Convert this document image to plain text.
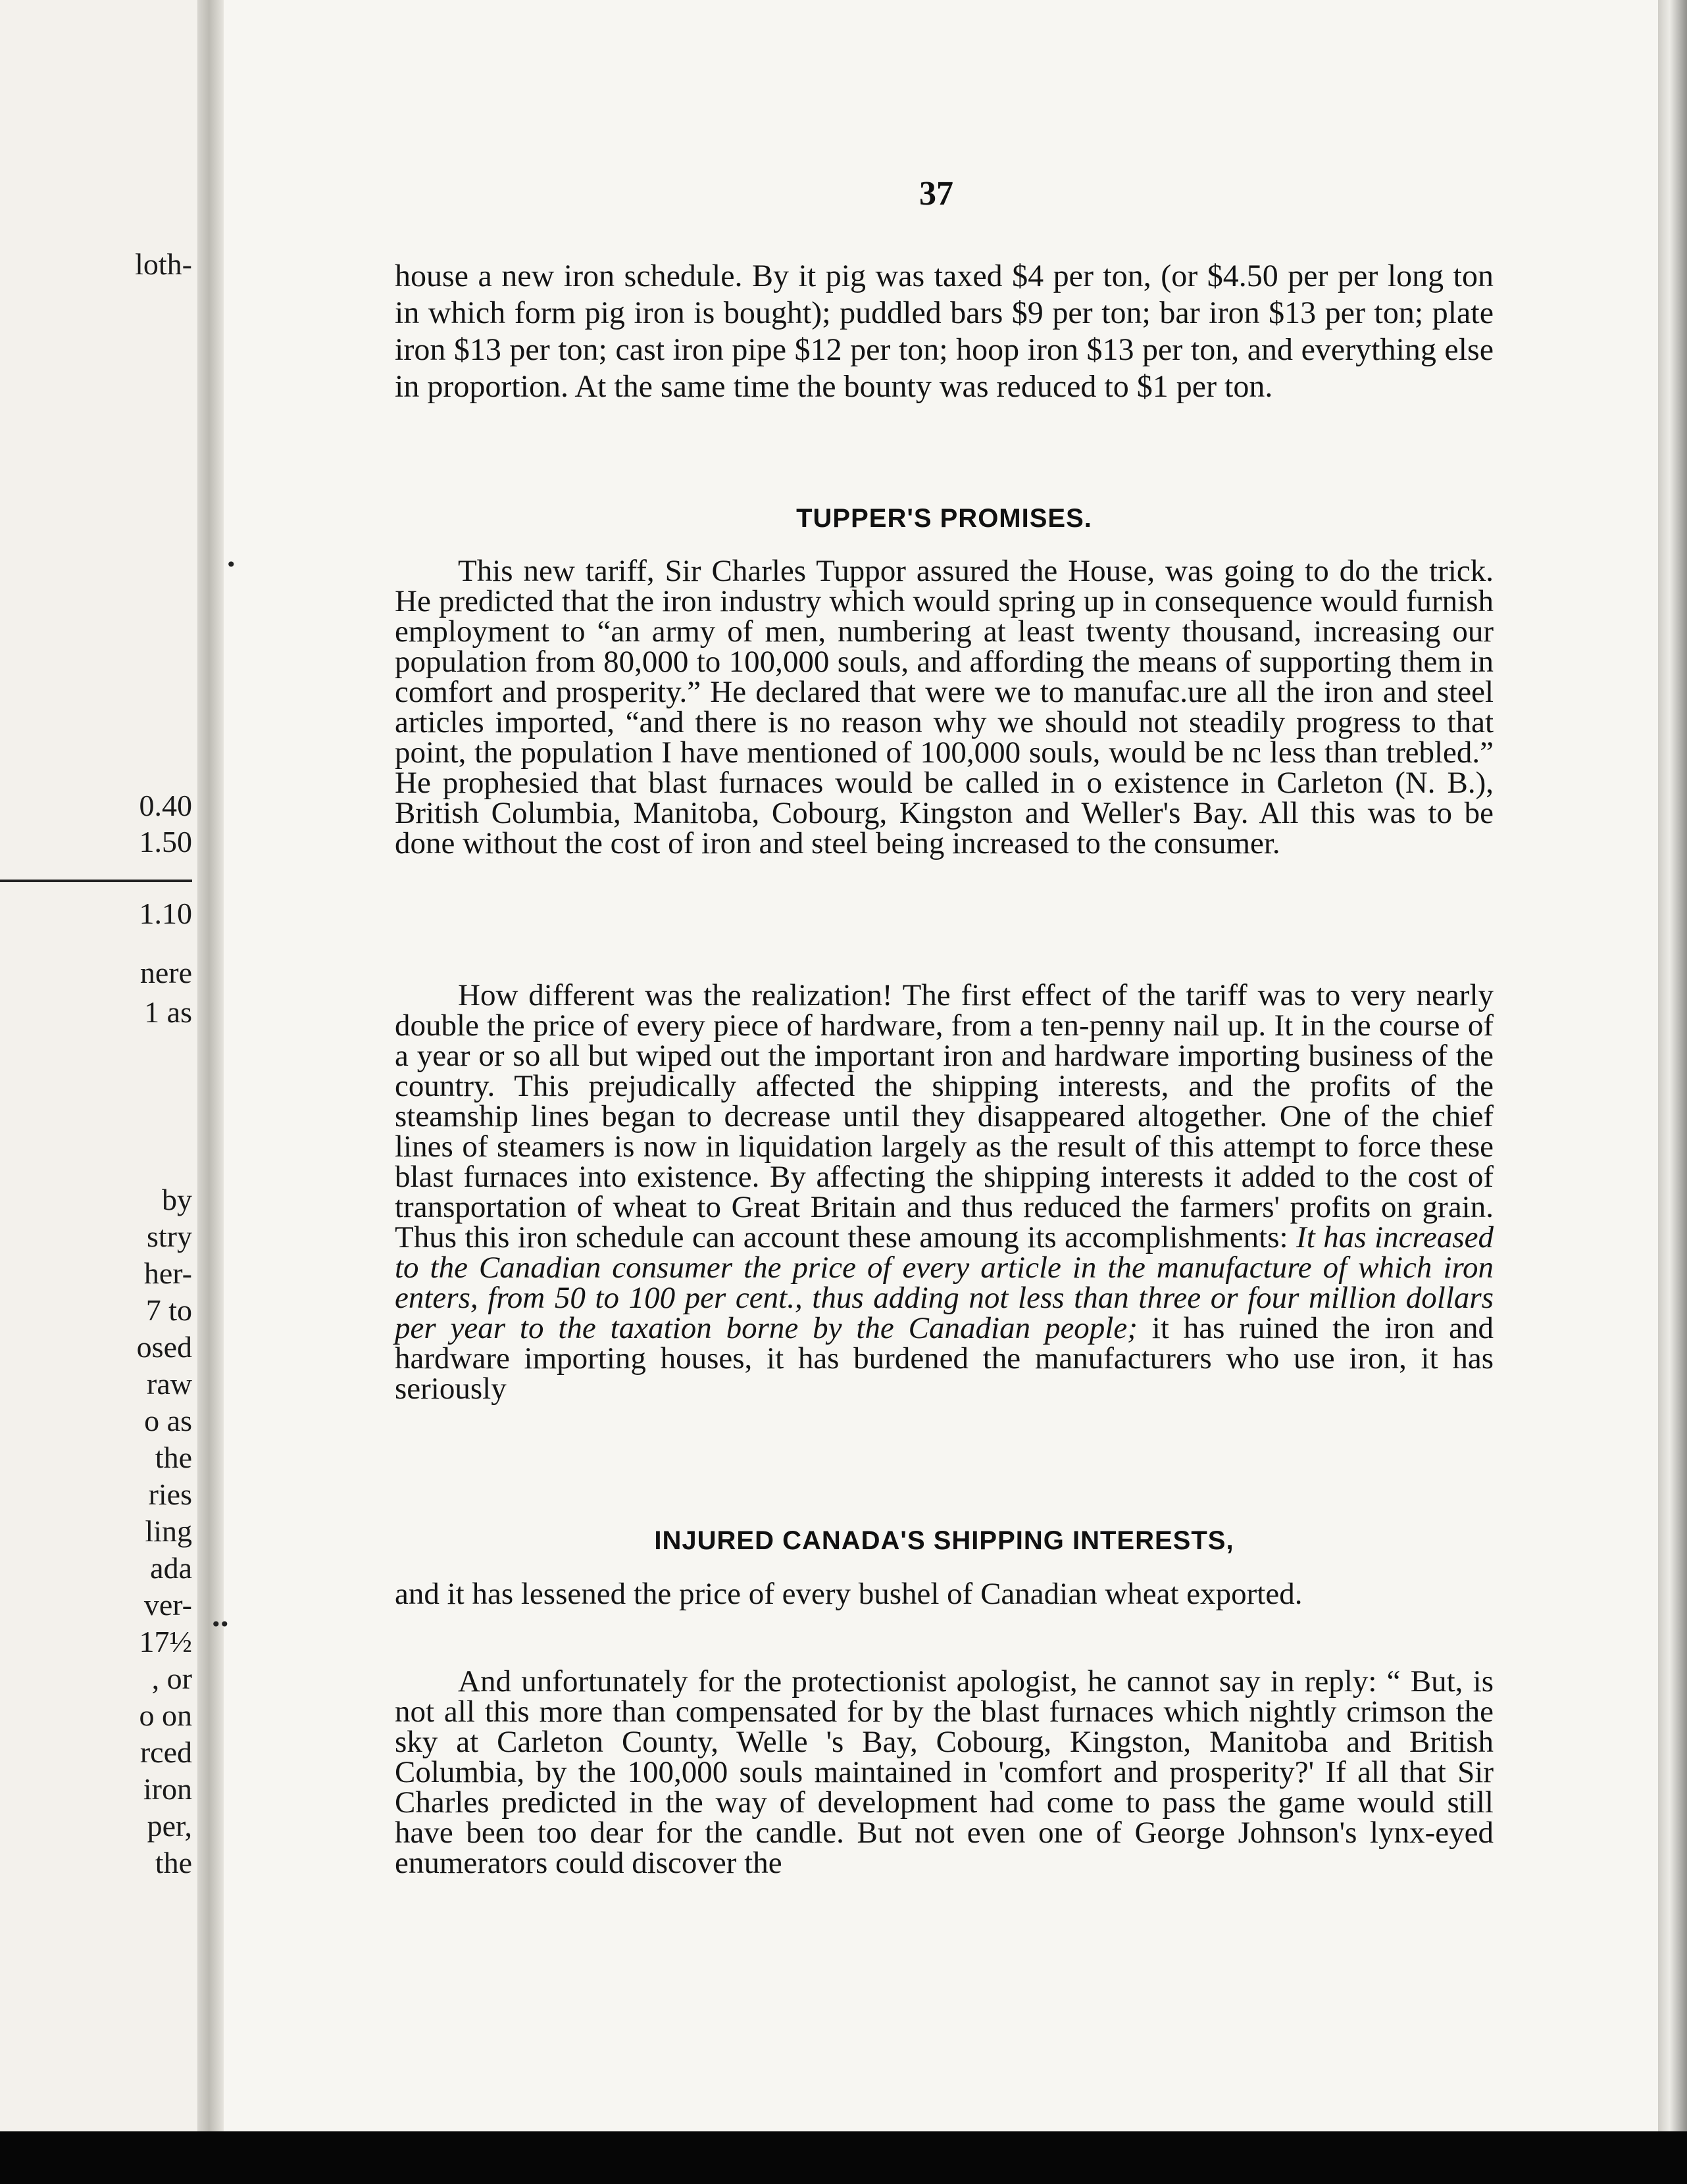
loth-
0.40
1.50
1.10
nere
1 as
by
stry
her-
7 to
osed
raw
o as
the
ries
ling
ada
ver-
17½
, or
o on
rced
iron
per,
the
•
•
•
37

house a new iron schedule. By it pig was taxed $4 per ton, (or $4.50 per per long ton in which form pig iron is bought); puddled bars $9 per ton; bar iron $13 per ton; plate iron $13 per ton; cast iron pipe $12 per ton; hoop iron $13 per ton, and everything else in proportion. At the same time the bounty was reduced to $1 per ton.

TUPPER'S PROMISES.

This new tariff, Sir Charles Tuppor assured the House, was going to do the trick. He predicted that the iron industry which would spring up in consequence would furnish employment to “an army of men, numbering at least twenty thousand, increasing our population from 80,000 to 100,000 souls, and affording the means of supporting them in comfort and prosperity.” He declared that were we to manufac.ure all the iron and steel articles imported, “and there is no reason why we should not steadily progress to that point, the population I have mentioned of 100,000 souls, would be nc less than trebled.” He prophesied that blast furnaces would be called in o existence in Carleton (N. B.), British Columbia, Manitoba, Cobourg, Kingston and Weller's Bay. All this was to be done without the cost of iron and steel being increased to the consumer.

How different was the realization! The first effect of the tariff was to very nearly double the price of every piece of hardware, from a ten-penny nail up. It in the course of a year or so all but wiped out the important iron and hardware importing business of the country. This prejudically affected the shipping interests, and the profits of the steamship lines began to decrease until they disappeared altogether. One of the chief lines of steamers is now in liquidation largely as the result of this attempt to force these blast furnaces into existence. By affecting the shipping interests it added to the cost of transportation of wheat to Great Britain and thus reduced the farmers' profits on grain. Thus this iron schedule can account these amoung its accomplishments: It has increased to the Canadian consumer the price of every article in the manufacture of which iron enters, from 50 to 100 per cent., thus adding not less than three or four million dollars per year to the taxation borne by the Canadian people; it has ruined the iron and hardware importing houses, it has burdened the manufacturers who use iron, it has seriously

INJURED CANADA'S SHIPPING INTERESTS,

and it has lessened the price of every bushel of Canadian wheat exported.

And unfortunately for the protectionist apologist, he cannot say in reply: “ But, is not all this more than compensated for by the blast furnaces which nightly crimson the sky at Carleton County, Welle 's Bay, Cobourg, Kingston, Manitoba and British Columbia, by the 100,000 souls maintained in 'comfort and prosperity?' If all that Sir Charles predicted in the way of development had come to pass the game would still have been too dear for the candle. But not even one of George Johnson's lynx-eyed enumerators could discover the
